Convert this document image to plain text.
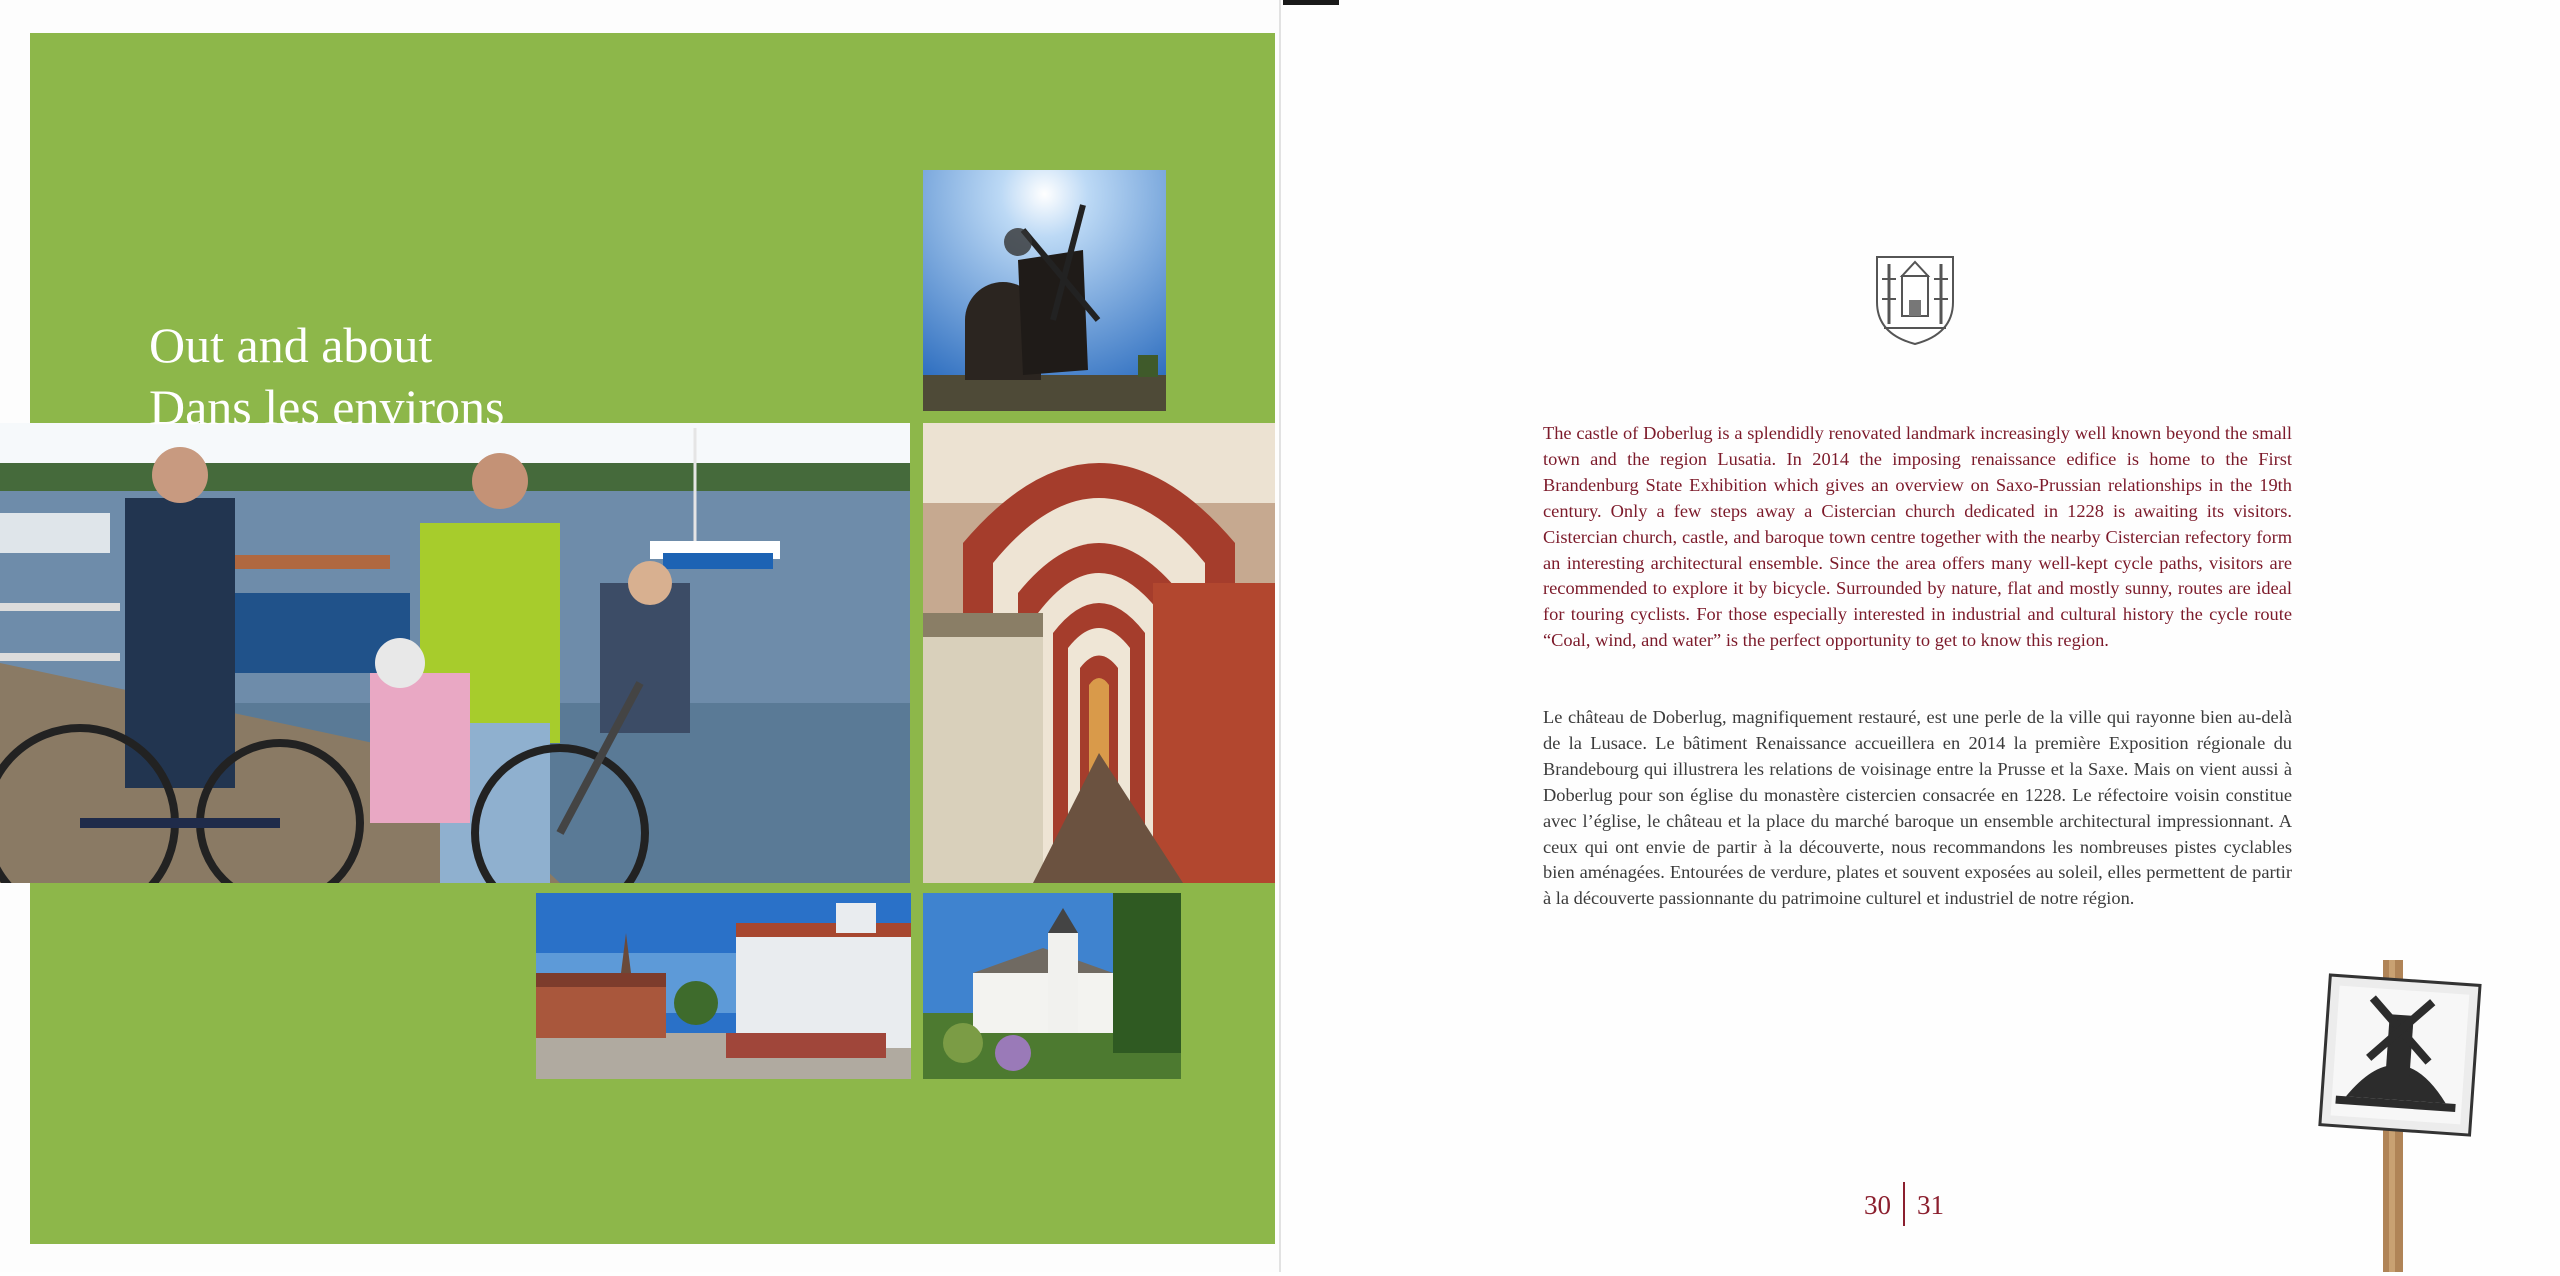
Out and about
Dans les environs	The castle of Doberlug is a splendidly renovated landmark increasingly well known beyond the small town and the region Lusatia. In 2014 the imposing renaissance edifice is home to the First Brandenburg State Exhibition which gives an overview on Saxo-Prussian relationships in the 19th century. Only a few steps away a Cistercian church dedicated in 1228 is awaiting its visitors. Cistercian church, castle, and baroque town centre together with the nearby Cistercian refectory form an interesting architectural ensemble. Since the area offers many well-kept cycle paths, visitors are recommended to explore it by bicycle. Surrounded by nature, flat and mostly sunny, routes are ideal for touring cyclists. For those especially interested in industrial and cultural history the cycle route “Coal, wind, and water” is the perfect opportunity to get to know this region.
Le château de Doberlug, magnifiquement restauré, est une perle de la ville qui rayonne bien au-delà de la Lusace. Le bâtiment Renaissance accueillera en 2014 la première Exposition régionale du Brandebourg qui illustrera les relations de voisinage entre la Prusse et la Saxe. Mais on vient aussi à Doberlug pour son église du monastère cistercien consacrée en 1228. Le réfectoire voisin constitue avec l’église, le château et la place du marché baroque un ensemble architectural impressionnant. A ceux qui ont envie de partir à la découverte, nous recommandons les nombreuses pistes cyclables bien aménagées. Entourées de verdure, plates et souvent exposées au soleil, elles permettent de partir à la découverte passionnante du patrimoine culturel et industriel de notre région.
30 31
